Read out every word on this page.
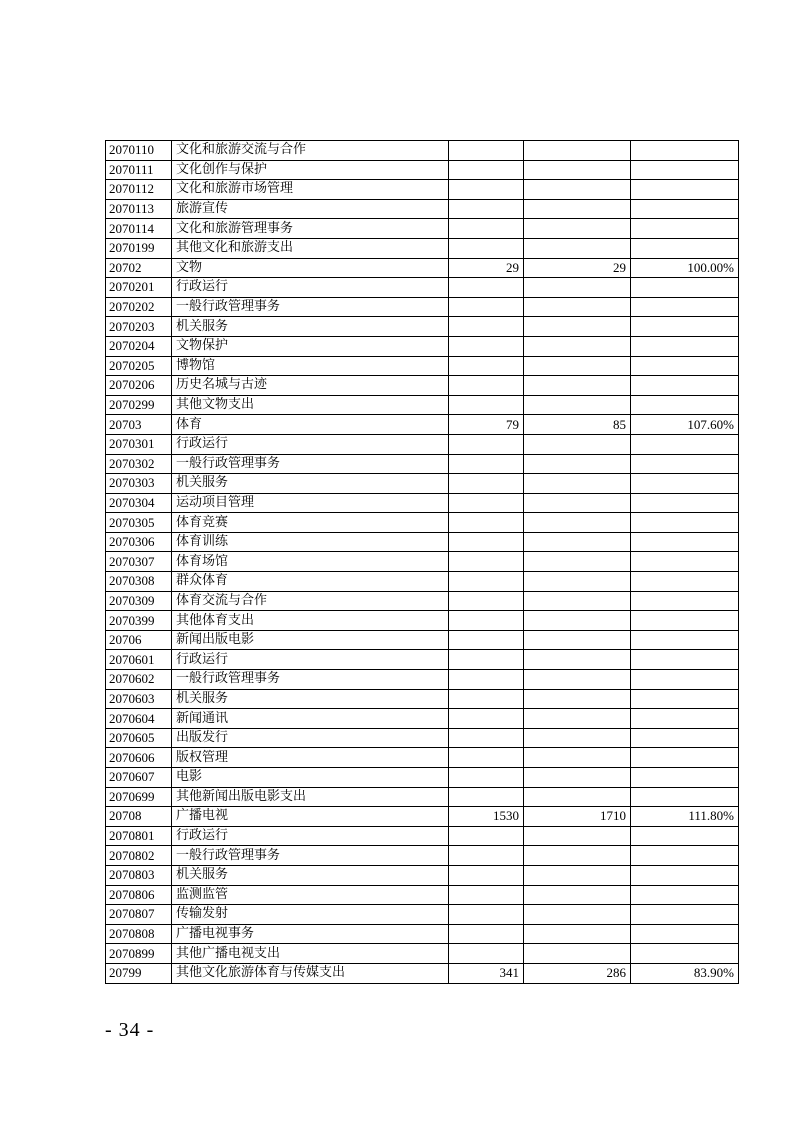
2070110	文化和旅游交流与合作			
2070111	文化创作与保护			
2070112	文化和旅游市场管理			
2070113	旅游宣传			
2070114	文化和旅游管理事务			
2070199	其他文化和旅游支出			
20702	文物	29	29	100.00%
2070201	行政运行			
2070202	一般行政管理事务			
2070203	机关服务			
2070204	文物保护			
2070205	博物馆			
2070206	历史名城与古迹			
2070299	其他文物支出			
20703	体育	79	85	107.60%
2070301	行政运行			
2070302	一般行政管理事务			
2070303	机关服务			
2070304	运动项目管理			
2070305	体育竞赛			
2070306	体育训练			
2070307	体育场馆			
2070308	群众体育			
2070309	体育交流与合作			
2070399	其他体育支出			
20706	新闻出版电影			
2070601	行政运行			
2070602	一般行政管理事务			
2070603	机关服务			
2070604	新闻通讯			
2070605	出版发行			
2070606	版权管理			
2070607	电影			
2070699	其他新闻出版电影支出			
20708	广播电视	1530	1710	111.80%
2070801	行政运行			
2070802	一般行政管理事务			
2070803	机关服务			
2070806	监测监管			
2070807	传输发射			
2070808	广播电视事务			
2070899	其他广播电视支出			
20799	其他文化旅游体育与传媒支出	341	286	83.90%
- 34 -
